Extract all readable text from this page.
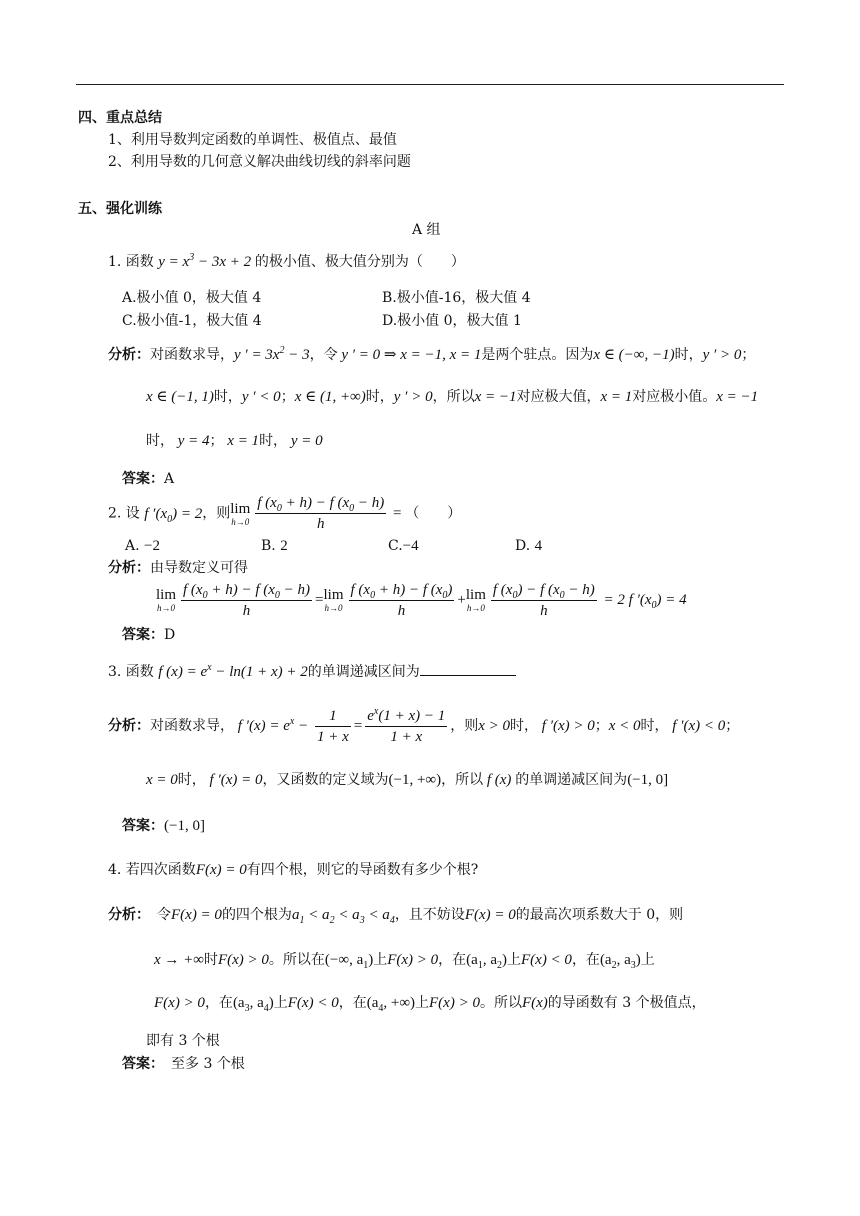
四、重点总结
1、利用导数判定函数的单调性、极值点、最值
2、利用导数的几何意义解决曲线切线的斜率问题
五、强化训练
A 组
1. 函数 $y = x^3 - 3x + 2$ 的极小值、极大值分别为（　　）
A.极小值 0，极大值 4	B.极小值-16，极大值 4
C.极小值-1，极大值 4	D.极小值 0，极大值 1
分析：对函数求导，y ′ = $3x^2 - 3$，令 y ′ = 0 ⇒ x = −1, x = 1是两个驻点。因为x ∈ (−∞, −1)时，y ′ > 0；
x ∈ (−1, 1)时，y ′ < 0；x ∈ (1, +∞)时，y ′ > 0，所以x = −1对应极大值，x = 1对应极小值。x = −1
时， y = 4； x = 1时， y = 0
答案：A
2. 设 f $'(x_0) = 2$，则 lim
$h\to 0 \frac{f (x_0 + h) - f (x_0 - h)}{h}$ = （　　）
A. −2	B. 2	C.−4	D. 4
分析：由导数定义可得
lim
$h\to 0 \frac{f (x_0 + h) - f (x_0 - h)}{h} = \lim$
$h\to 0 \frac{f (x_0 + h) - f (x_0)}{h} + \lim$
$h\to 0 \frac{f (x_0) - f (x_0 - h)}{h} = 2$ f $'(x_0) = 4$
答案：D
3. 函数 f $(x) = e^x - \ln(1 + x) + 2$的单调递减区间为
分析：对函数求导， f $'(x) = e^x - \frac{1}{1 + x} = \frac{e^x(1 + x) - 1}{1 + x}$ ，则x > 0时， f ′(x) > 0；x < 0时， f ′(x) < 0；
x = 0时， f ′(x) = 0，又函数的定义域为(−1, +∞)，所以 f (x) 的单调递减区间为(−1, 0]
答案：(−1, 0]
4. 若四次函数F(x) = 0有四个根，则它的导函数有多少个根?
分析：　 令F(x) = 0的四个根为$a_1 < a_2 < a_3 < a_4$，且不妨设F(x) = 0的最高次项系数大于 0，则
x → +∞时F(x) > 0。所以在(−∞, $a_1$)上F(x) > 0，在($a_1$, $a_2$)上F(x) < 0，在($a_2$, $a_3$)上
F(x) > 0，在($a_3$, $a_4$)上F(x) < 0，在($a_4$, +∞)上F(x) > 0。所以F(x)的导函数有 3 个极值点，
即有 3 个根
答案：　 至多 3 个根
